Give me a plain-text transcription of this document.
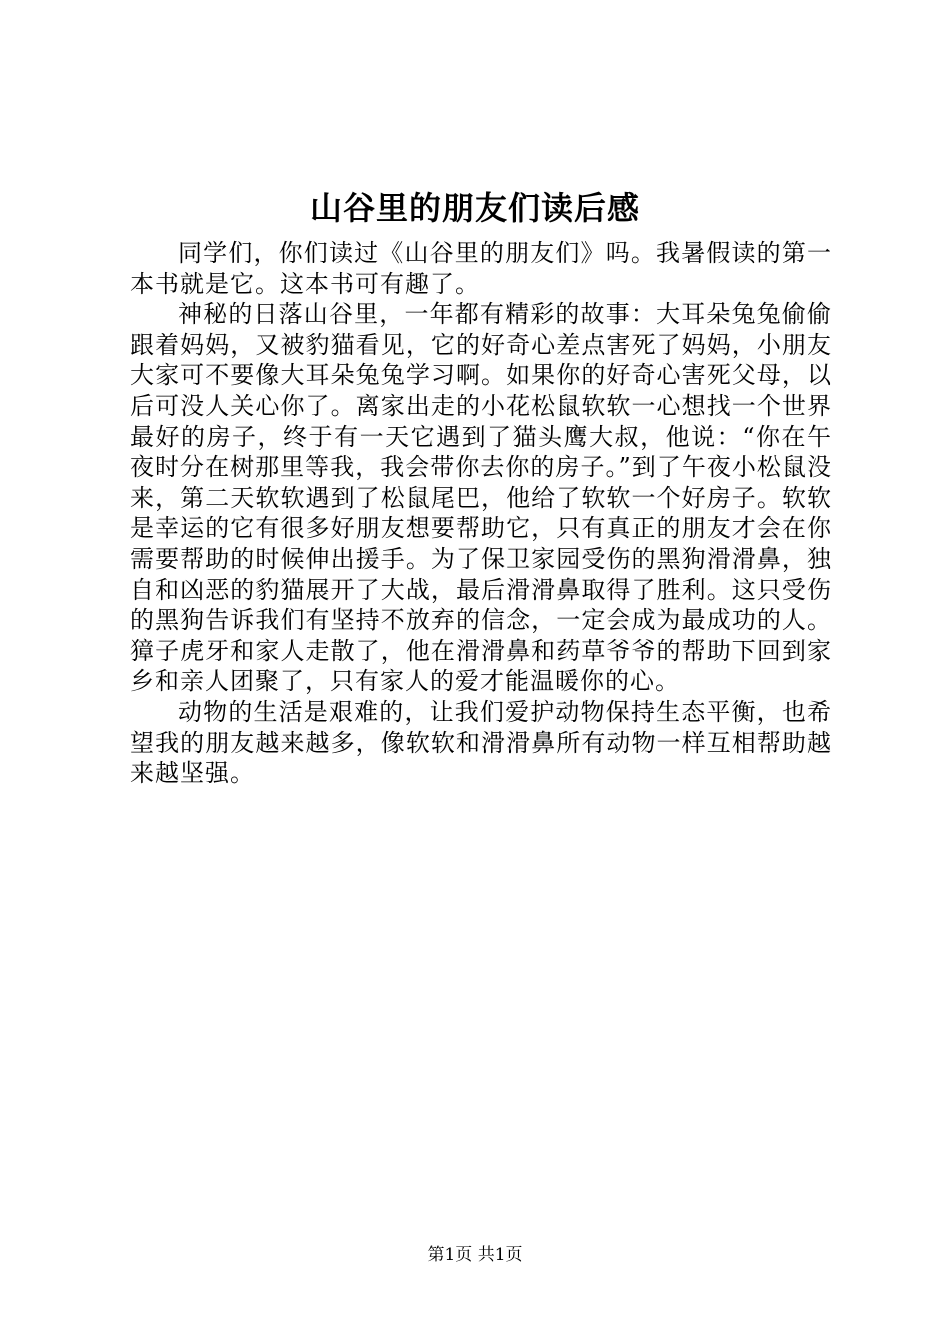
山谷里的朋友们读后感

同学们，你们读过《山谷里的朋友们》吗。我暑假读的第一本书就是它。这本书可有趣了。

神秘的日落山谷里，一年都有精彩的故事：大耳朵兔兔偷偷跟着妈妈，又被豹猫看见，它的好奇心差点害死了妈妈，小朋友大家可不要像大耳朵兔兔学习啊。如果你的好奇心害死父母，以后可没人关心你了。离家出走的小花松鼠软软一心想找一个世界最好的房子，终于有一天它遇到了猫头鹰大叔，他说：“你在午夜时分在树那里等我，我会带你去你的房子。”到了午夜小松鼠没来，第二天软软遇到了松鼠尾巴，他给了软软一个好房子。软软是幸运的它有很多好朋友想要帮助它，只有真正的朋友才会在你需要帮助的时候伸出援手。为了保卫家园受伤的黑狗滑滑鼻，独自和凶恶的豹猫展开了大战，最后滑滑鼻取得了胜利。这只受伤的黑狗告诉我们有坚持不放弃的信念，一定会成为最成功的人。獐子虎牙和家人走散了，他在滑滑鼻和药草爷爷的帮助下回到家乡和亲人团聚了，只有家人的爱才能温暖你的心。

动物的生活是艰难的，让我们爱护动物保持生态平衡，也希望我的朋友越来越多，像软软和滑滑鼻所有动物一样互相帮助越来越坚强。

第1页 共1页
